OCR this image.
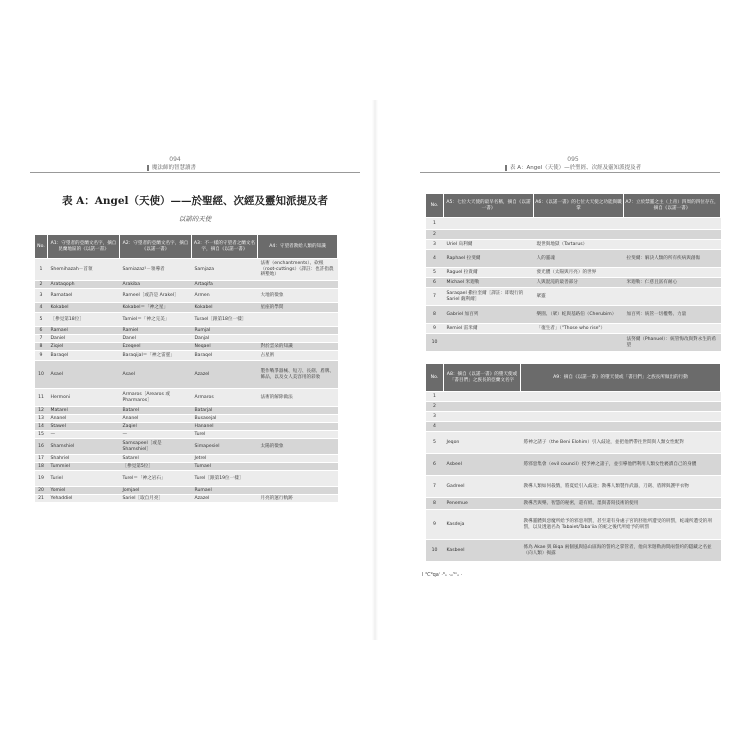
094
魔法師的智慧讀書
表 A：Angel（天使）——於聖經、次經及靈知派提及者
以諾的天使
No.	A1：守望者的亞蘭文名字，摘自昆蘭地區的《以諾一書》	A2：守望者的亞蘭文名字，摘自《以諾一書》	A3：不一樣的守望者之蘭文名字，摘自《以諾一書》	A4：守望者教給人類的知識
1	Shemihazah－首領	Samiazaz¹－領導者	Samjaza	法術（enchantments）、砍根（root-cuttings）（譯註：也許指農耕墾地）
2	Arataqoph	Arakiba	Artaqifa	
3	Ramatael	Rameel［或許是 Arakel］	Armen	大地的徵象
4	Kokabel	Kokabel＝「神之星」	Kokabel	星座的學問
5	［參見第18位］	Tamiel＝「神之完美」	Turael［跟第18位一樣］	
6	Ramael	Ramiel	Rumjal	
7	Daniel	Danel	Danjal	
8	Ziqiel	Ezeqeel	Neqael	對於雲朵的知識
9	Baraqel	Baraqijal＝「神之雷霆」	Baraqel	占星術
10	Asael	Asael	Azazel	製作戰爭器械、短刀、長劍、盾牌、飾品，以及女人美容用的彩妝
11	Hermoni	Armaros［Arearos 或 Pharmaros］	Armaros	法術的解除做法
12	Matarel	Batarel	Batarjal	
13	Ananel	Ananel	Busasejal	
14	Stawel	Zaqiel	Hananel	
15	—	—	Turel	
16	Shamshiel	Samsapeel［或是 Shamshiel］	Simapesiel	太陽的徵象
17	Shahriel	Satarel	Jetrel	
18	Tummiel	［參見第5位］	Tumael	
19	Turiel	Turel＝「神之岩石」	Turel［跟第19位一樣］	
20	Yomiel	Jomjael	Rumael	
21	Yehaddiel	Sariel［取自月亮］	Azazel	月亮的運行軌跡
095
表 A：Angel（天使）—於聖經、次經及靈知派提及者
No.	A5：七位大天使的最早名稱，摘自《以諾一書》	A6：《以諾一書》的七位大天使之功能與職掌	A7：立於禁靈之主（上帝）四周的四位存在，摘自《以諾一書》
1			
2			
3	Uriel 烏利爾	現世與地獄（Tartarus）	
4	Raphael 拉斐爾	人的靈魂	拉斐爾：解決人類的所有疾病與創傷
5	Raguel 拉貴爾	發光體（太陽與月亮）的世界	
6	Michael 米迦勒	人與混沌的最善部分	米迦勒：仁慈且富有耐心
7	Saraqael 撒拉奎爾［譯註：即現行的 Sariel 薩利爾］	眾靈	
8	Gabriel 加百列	樂園、（眾）蛇與基路伯（Cherubim）	加百列：統管一切權勢、力量
9	Remiel 雷米爾	「復生者」（"Those who rise"）	
10			法努爾（Phanuel）：統管悔改與對永生的希望
No.	A8：摘自《以諾一書》的墮天使或「書目們」之族長的亞蘭文名字	A9：摘自《以諾一書》的墮天使或「書目們」之族長所做出的行動
1		
2		
3		
4		
5	Jeqon	將神之諸子（the Beni Elohim）引入歧途，並把他們帶往世間與人類女性配對
6	Asbeel	將邪惡集會（evil council）授予神之諸子，並引導他們利用人類女性褻瀆自己的身體
7	Gadreel	教導人類如何殺戮，將夏娃引入歧途；教導人類製作武器，刀劍、盾牌與護甲衣物
8	Penemue	教導苦與樂、智慧的秘密，還有紙、墨與書寫技術的使用
9	Kasdeja	教導靈體與惡魔所給予的邪惡刑罰，甚至還有身處子宮的胚胎所遭受的刑罰，蛇魂所遭受的刑罰，以及透過名為 Tabaiet/Taba'iia 的蛇之後代所給予的刑罰
10	Kasbeel	係為 Akae 與 Biqa 兩個風與協山區海的誓約之掌管者，他向米迦勒詢問兩誓約的隱藏之名並（向人類）揭露
l ℃⁹qaⁱ ·⁹ₒ ·ₒᵢ⁵ⁿₒ ·
